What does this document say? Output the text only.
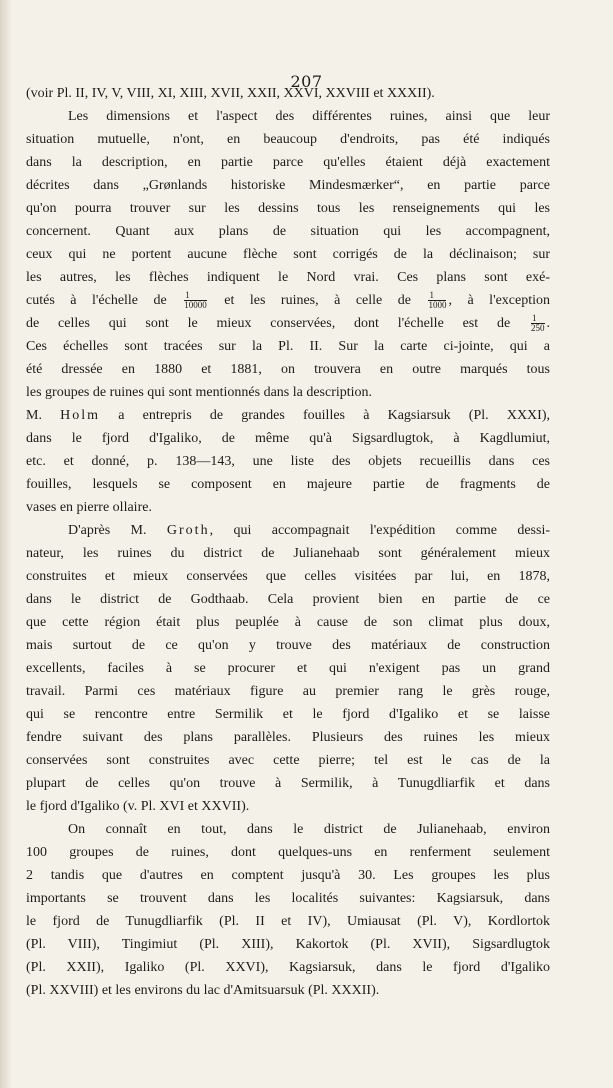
207
(voir Pl. II, IV, V, VIII, XI, XIII, XVII, XXII, XXVI, XXVIII et XXXII).
Les dimensions et l'aspect des différentes ruines, ainsi que leur
situation mutuelle, n'ont, en beaucoup d'endroits, pas été indiqués
dans la description, en partie parce qu'elles étaient déjà exactement
décrites dans „Grønlands historiske Mindesmærker“, en partie parce
qu'on pourra trouver sur les dessins tous les renseignements qui les
concernent. Quant aux plans de situation qui les accompagnent,
ceux qui ne portent aucune flèche sont corrigés de la déclinaison; sur
les autres, les flèches indiquent le Nord vrai. Ces plans sont exé-
cutés à l'échelle de $\frac{1}{10000}$ et les ruines, à celle de $\frac{1}{1000}$ , à l'exception
de celles qui sont le mieux conservées, dont l'échelle est de $\frac{1}{250}$ .
Ces échelles sont tracées sur la Pl. II. Sur la carte ci-jointe, qui a
été dressée en 1880 et 1881, on trouvera en outre marqués tous
les groupes de ruines qui sont mentionnés dans la description.
M. Holm a entrepris de grandes fouilles à Kagsiarsuk (Pl. XXXI),
dans le fjord d'Igaliko, de même qu'à Sigsardlugtok, à Kagdlumiut,
etc. et donné, p. 138—143, une liste des objets recueillis dans ces
fouilles, lesquels se composent en majeure partie de fragments de
vases en pierre ollaire.
D'après M. Groth, qui accompagnait l'expédition comme dessi-
nateur, les ruines du district de Julianehaab sont généralement mieux
construites et mieux conservées que celles visitées par lui, en 1878,
dans le district de Godthaab. Cela provient bien en partie de ce
que cette région était plus peuplée à cause de son climat plus doux,
mais surtout de ce qu'on y trouve des matériaux de construction
excellents, faciles à se procurer et qui n'exigent pas un grand
travail. Parmi ces matériaux figure au premier rang le grès rouge,
qui se rencontre entre Sermilik et le fjord d'Igaliko et se laisse
fendre suivant des plans parallèles. Plusieurs des ruines les mieux
conservées sont construites avec cette pierre; tel est le cas de la
plupart de celles qu'on trouve à Sermilik, à Tunugdliarfik et dans
le fjord d'Igaliko (v. Pl. XVI et XXVII).
On connaît en tout, dans le district de Julianehaab, environ
100 groupes de ruines, dont quelques-uns en renferment seulement
2 tandis que d'autres en comptent jusqu'à 30. Les groupes les plus
importants se trouvent dans les localités suivantes: Kagsiarsuk, dans
le fjord de Tunugdliarfik (Pl. II et IV), Umiausat (Pl. V), Kordlortok
(Pl. VIII), Tingimiut (Pl. XIII), Kakortok (Pl. XVII), Sigsardlugtok
(Pl. XXII), Igaliko (Pl. XXVI), Kagsiarsuk, dans le fjord d'Igaliko
(Pl. XXVIII) et les environs du lac d'Amitsuarsuk (Pl. XXXII).
